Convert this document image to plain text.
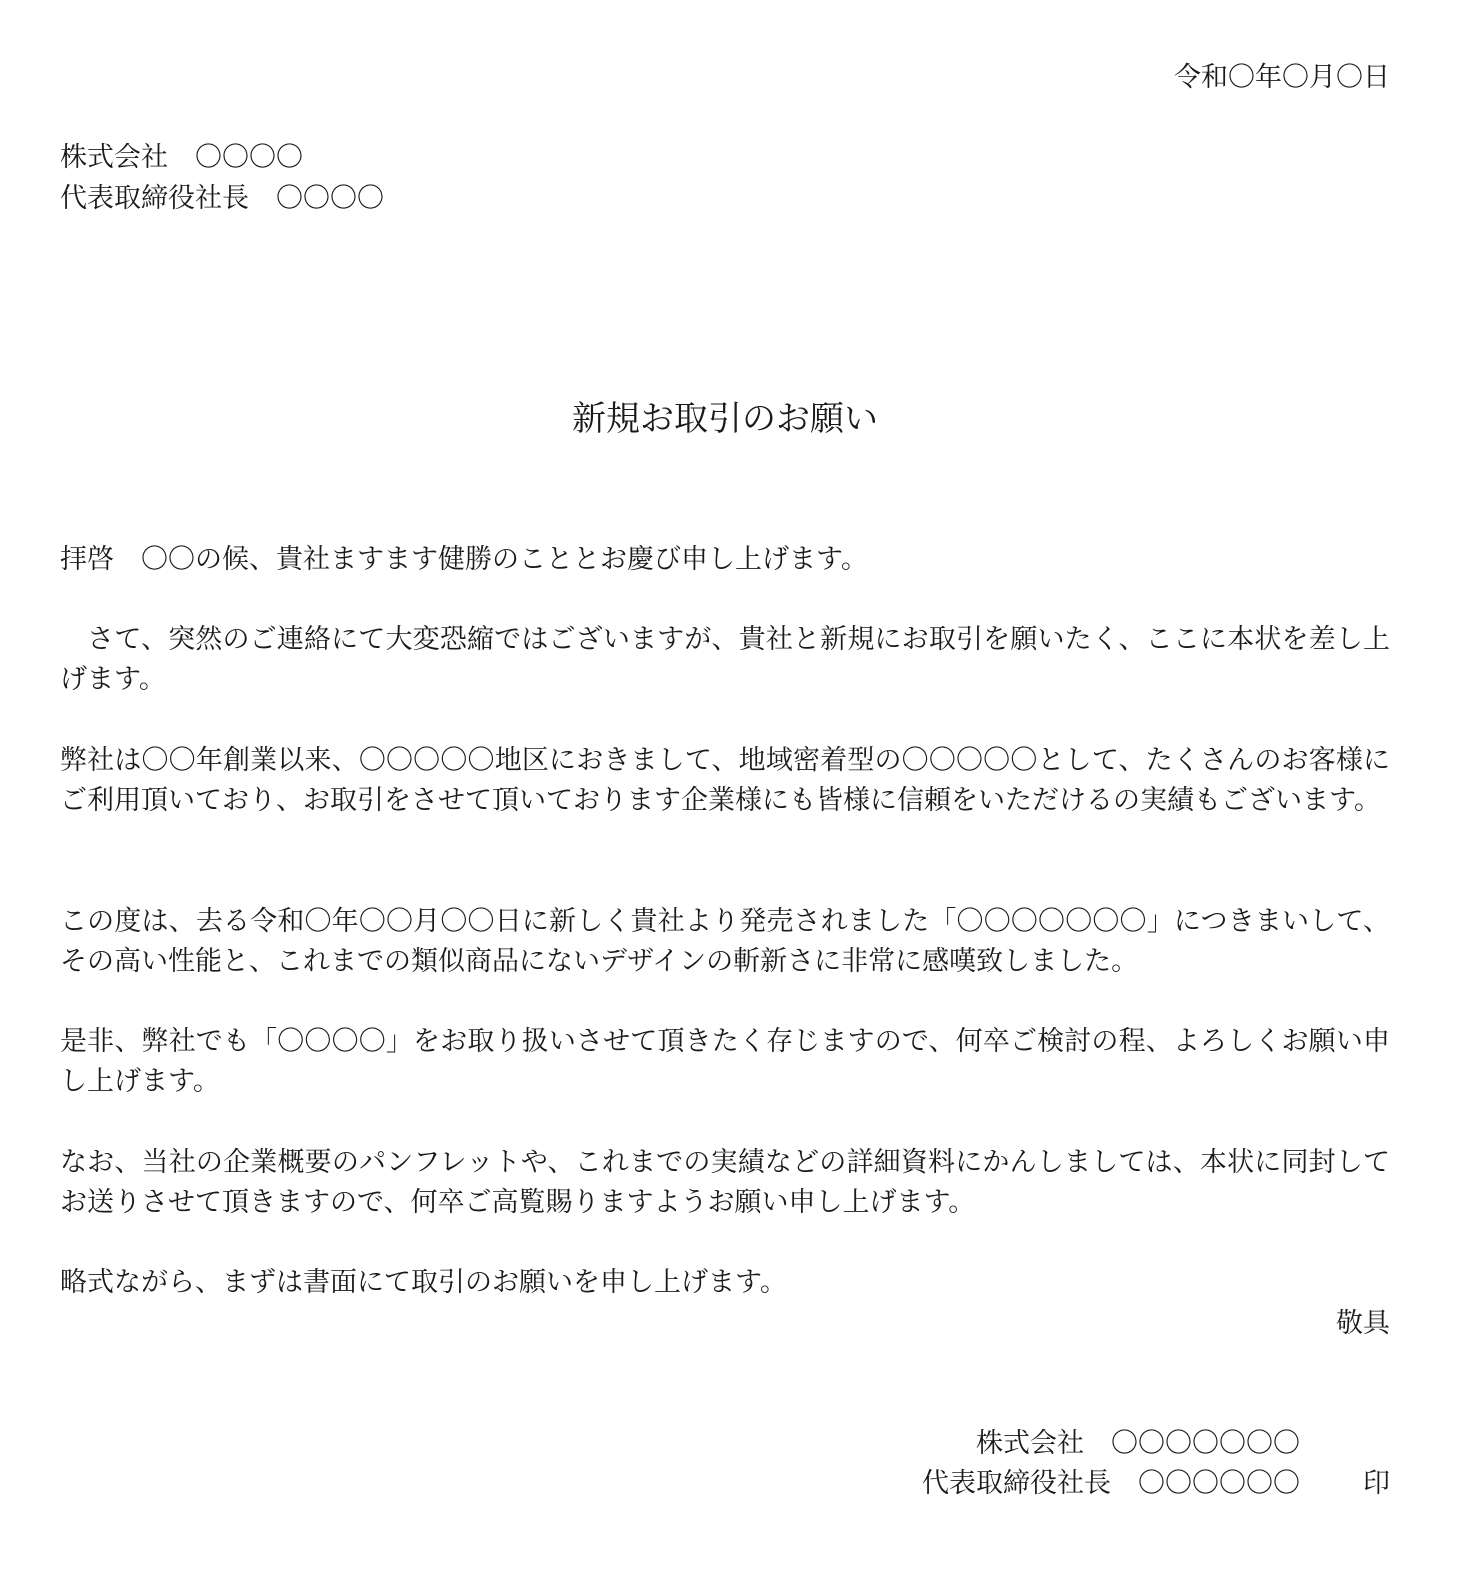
令和〇年〇月〇日
株式会社　〇〇〇〇
代表取締役社長　〇〇〇〇
新規お取引のお願い
拝啓　〇〇の候、貴社ますます健勝のこととお慶び申し上げます。
　さて、突然のご連絡にて大変恐縮ではございますが、貴社と新規にお取引を願いたく、ここに本状を差し上げます。
弊社は〇〇年創業以来、〇〇〇〇〇地区におきまして、地域密着型の〇〇〇〇〇として、たくさんのお客様にご利用頂いており、お取引をさせて頂いております企業様にも皆様に信頼をいただけるの実績もございます。
この度は、去る令和〇年〇〇月〇〇日に新しく貴社より発売されました「〇〇〇〇〇〇〇」につきまいして、その高い性能と、これまでの類似商品にないデザインの斬新さに非常に感嘆致しました。
是非、弊社でも「〇〇〇〇」をお取り扱いさせて頂きたく存じますので、何卒ご検討の程、よろしくお願い申し上げます。
なお、当社の企業概要のパンフレットや、これまでの実績などの詳細資料にかんしましては、本状に同封してお送りさせて頂きますので、何卒ご高覧賜りますようお願い申し上げます。
略式ながら、まずは書面にて取引のお願いを申し上げます。
敬具
株式会社　〇〇〇〇〇〇〇
代表取締役社長　〇〇〇〇〇〇 印
